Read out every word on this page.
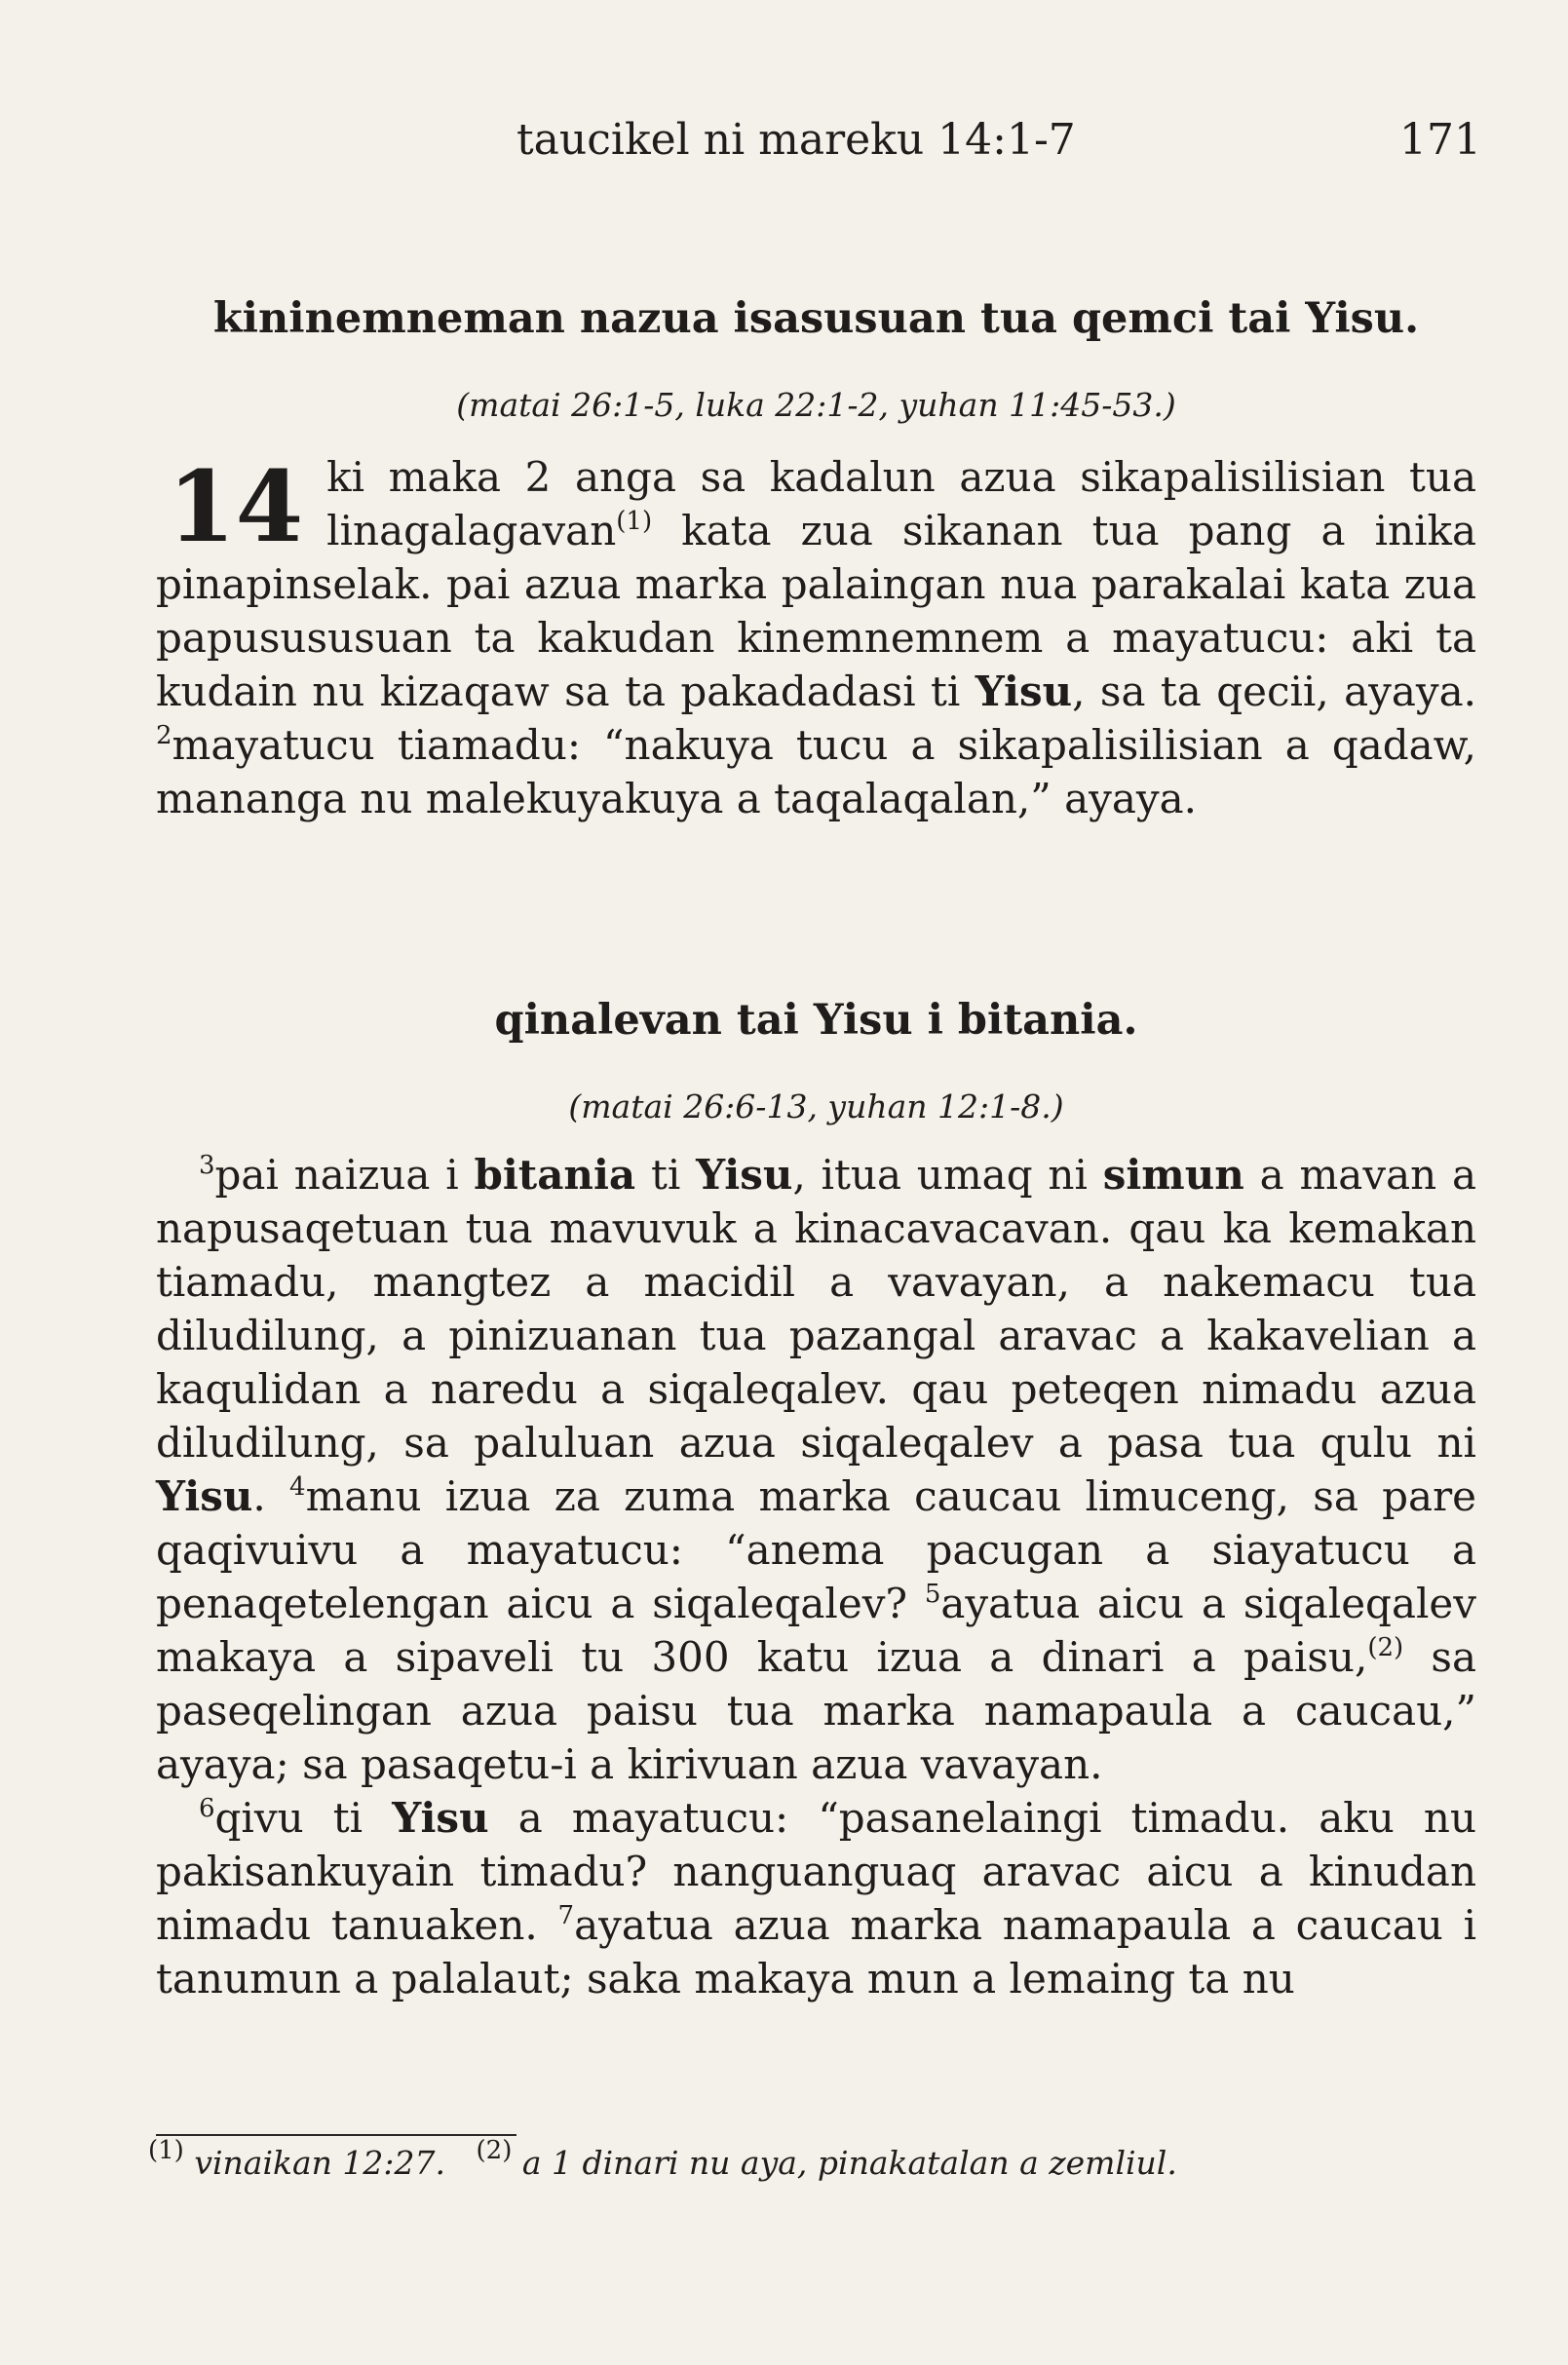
taucikel ni mareku 14:1-7	171
kininemneman nazua isasusuan tua qemci tai Yisu.
(matai 26:1-5, luka 22:1-2, yuhan 11:45-53.)

14 ki maka 2 anga sa kadalun azua sikapalisilisian tua linagalagavan$^{(1)}$ kata zua sikanan tua pang a inika pinapinselak. pai azua marka palaingan nua parakalai kata zua papusususuan ta kakudan kinemnemnem a mayatucu: aki ta kudain nu kizaqaw sa ta pakadadasi ti Yisu, sa ta qecii, ayaya. $^2$mayatucu tiamadu: “nakuya tucu a sikapalisilisian a qadaw, mananga nu malekuyakuya a taqalaqalan,” ayaya.

qinalevan tai Yisu i bitania.
(matai 26:6-13, yuhan 12:1-8.)

$^3$pai naizua i bitania ti Yisu, itua umaq ni simun a mavan a napusaqetuan tua mavuvuk a kinacavacavan. qau ka kemakan tiamadu, mangtez a macidil a vavayan, a nakemacu tua diludilung, a pinizuanan tua pazangal aravac a kakavelian a kaqulidan a naredu a siqaleqalev. qau peteqen nimadu azua diludilung, sa paluluan azua siqaleqalev a pasa tua qulu ni Yisu. $^4$manu izua za zuma marka caucau limuceng, sa pare qaqivuivu a mayatucu: “anema pacugan a siayatucu a penaqetelengan aicu a siqaleqalev? $^5$ayatua aicu a siqaleqalev makaya a sipaveli tu 300 katu izua a dinari a paisu,$^{(2)}$ sa paseqelingan azua paisu tua marka namapaula a caucau,” ayaya; sa pasaqetu-i a kirivuan azua vavayan.

$^6$qivu ti Yisu a mayatucu: “pasanelaingi timadu. aku nu pakisankuyain timadu? nanguanguaq aravac aicu a kinudan nimadu tanuaken. $^7$ayatua azua marka namapaula a caucau i tanumun a palalaut; saka makaya mun a lemaing ta nu

$^{(1)}$ vinaikan 12:27. $^{(2)}$ a 1 dinari nu aya, pinakatalan a zemliul.
